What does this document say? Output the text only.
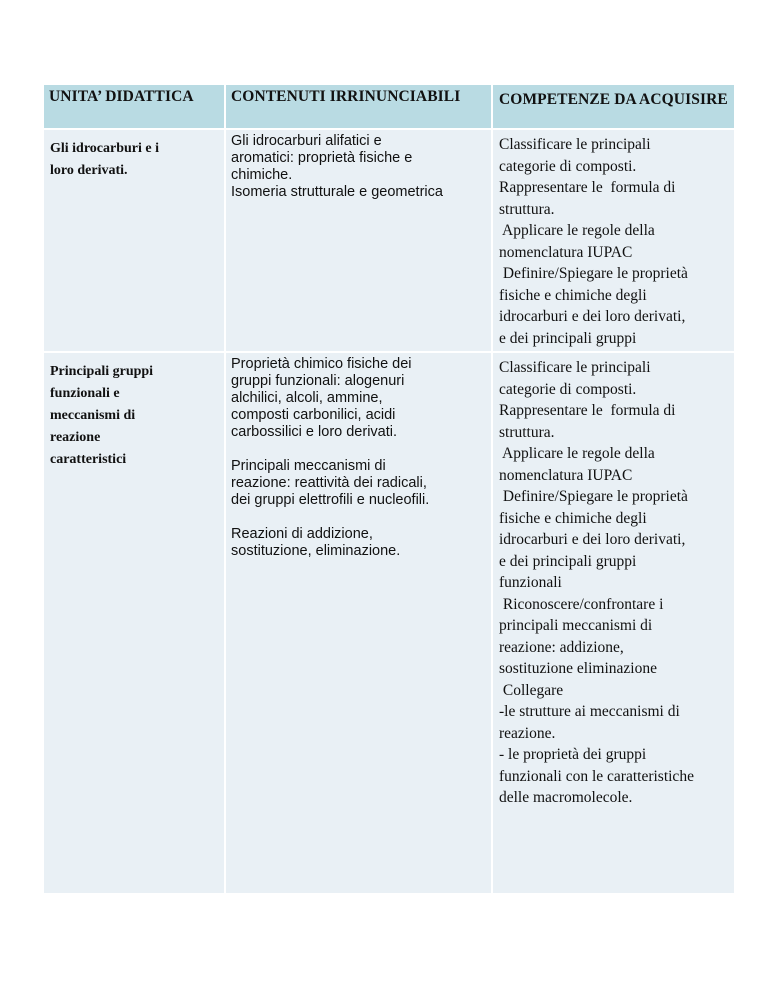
UNITA’ DIDATTICA	CONTENUTI IRRINUNCIABILI	COMPETENZE DA ACQUISIRE
Gli idrocarburi e i
loro derivati.
Gli idrocarburi alifatici e
aromatici: proprietà fisiche e
chimiche.
Isomeria strutturale e geometrica
Classificare le principali
categorie di composti.
Rappresentare le  formula di
struttura.
Applicare le regole della
nomenclatura IUPAC
Definire/Spiegare le proprietà
fisiche e chimiche degli
idrocarburi e dei loro derivati,
e dei principali gruppi
Principali gruppi
funzionali e
meccanismi di
reazione
caratteristici
Proprietà chimico fisiche dei
gruppi funzionali: alogenuri
alchilici, alcoli, ammine,
composti carbonilici, acidi
carbossilici e loro derivati.
Principali meccanismi di
reazione: reattività dei radicali,
dei gruppi elettrofili e nucleofili.
Reazioni di addizione,
sostituzione, eliminazione.
Classificare le principali
categorie di composti.
Rappresentare le  formula di
struttura.
Applicare le regole della
nomenclatura IUPAC
Definire/Spiegare le proprietà
fisiche e chimiche degli
idrocarburi e dei loro derivati,
e dei principali gruppi
funzionali
Riconoscere/confrontare i
principali meccanismi di
reazione: addizione,
sostituzione eliminazione
Collegare
-le strutture ai meccanismi di
reazione.
- le proprietà dei gruppi
funzionali con le caratteristiche
delle macromolecole.
